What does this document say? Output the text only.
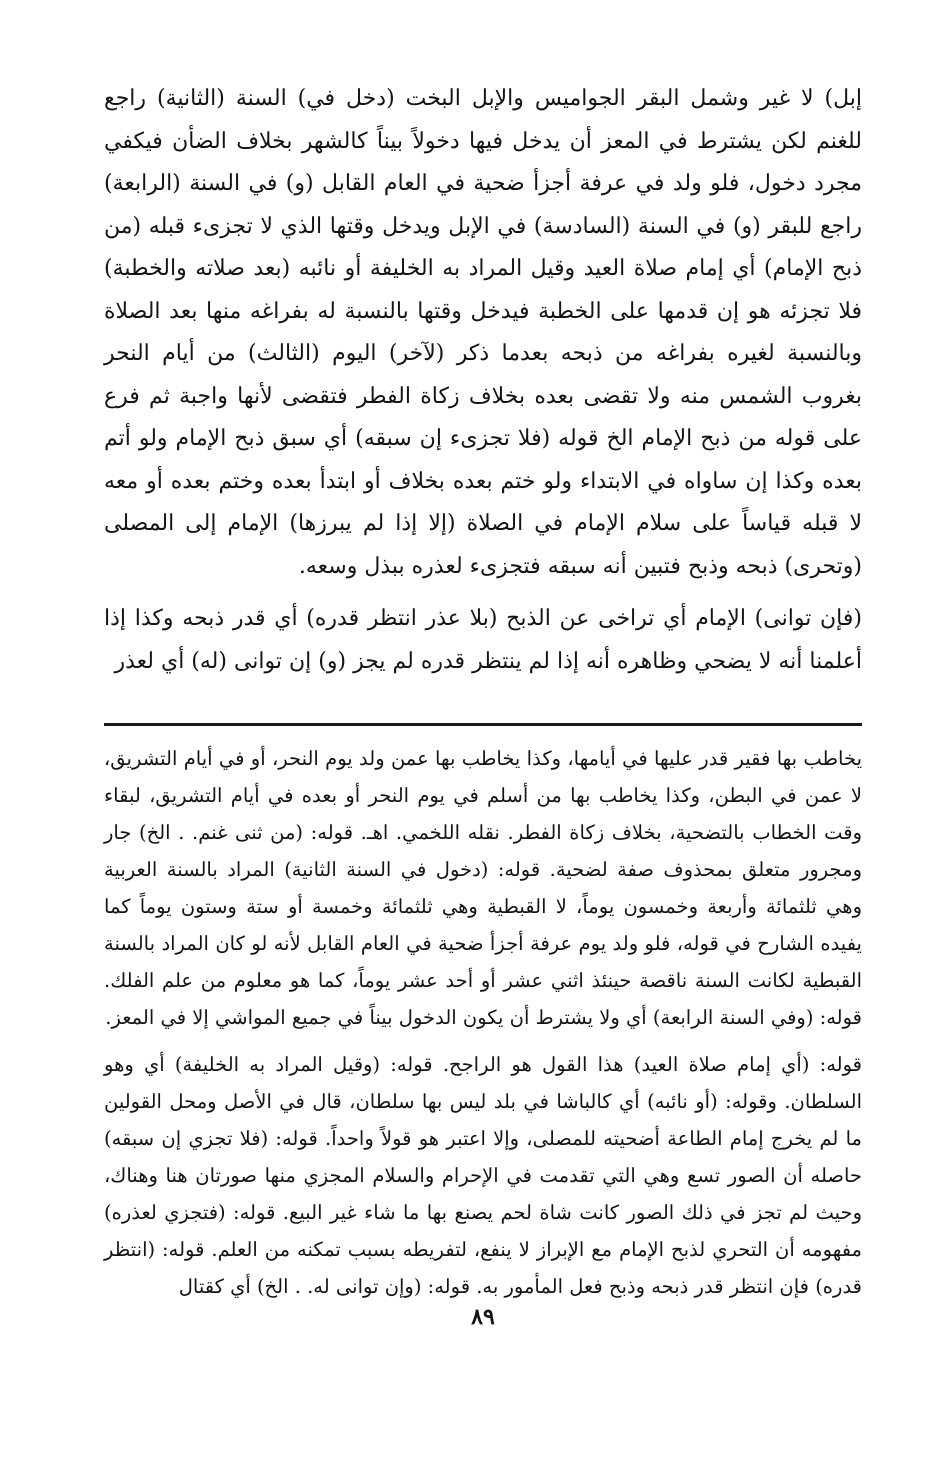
إبل) لا غير وشمل البقر الجواميس والإبل البخت (دخل في) السنة (الثانية) راجع للغنم لكن يشترط في المعز أن يدخل فيها دخولاً بيناً كالشهر بخلاف الضأن فيكفي مجرد دخول، فلو ولد في عرفة أجزأ ضحية في العام القابل (و) في السنة (الرابعة) راجع للبقر (و) في السنة (السادسة) في الإبل ويدخل وقتها الذي لا تجزىء قبله (من ذبح الإمام) أي إمام صلاة العيد وقيل المراد به الخليفة أو نائبه (بعد صلاته والخطبة) فلا تجزئه هو إن قدمها على الخطبة فيدخل وقتها بالنسبة له بفراغه منها بعد الصلاة وبالنسبة لغيره بفراغه من ذبحه بعدما ذكر (لآخر) اليوم (الثالث) من أيام النحر بغروب الشمس منه ولا تقضى بعده بخلاف زكاة الفطر فتقضى لأنها واجبة ثم فرع على قوله من ذبح الإمام الخ قوله (فلا تجزىء إن سبقه) أي سبق ذبح الإمام ولو أتم بعده وكذا إن ساواه في الابتداء ولو ختم بعده بخلاف أو ابتدأ بعده وختم بعده أو معه لا قبله قياساً على سلام الإمام في الصلاة (إلا إذا لم يبرزها) الإمام إلى المصلى (وتحرى) ذبحه وذبح فتبين أنه سبقه فتجزىء لعذره ببذل وسعه.

(فإن توانى) الإمام أي تراخى عن الذبح (بلا عذر انتظر قدره) أي قدر ذبحه وكذا إذا أعلمنا أنه لا يضحي وظاهره أنه إذا لم ينتظر قدره لم يجز (و) إن توانى (له) أي لعذر

يخاطب بها فقير قدر عليها في أيامها، وكذا يخاطب بها عمن ولد يوم النحر، أو في أيام التشريق، لا عمن في البطن، وكذا يخاطب بها من أسلم في يوم النحر أو بعده في أيام التشريق، لبقاء وقت الخطاب بالتضحية، بخلاف زكاة الفطر. نقله اللخمي. اهـ. قوله: (من ثنى غنم. . الخ) جار ومجرور متعلق بمحذوف صفة لضحية. قوله: (دخول في السنة الثانية) المراد بالسنة العربية وهي ثلثمائة وأربعة وخمسون يوماً، لا القبطية وهي ثلثمائة وخمسة أو ستة وستون يوماً كما يفيده الشارح في قوله، فلو ولد يوم عرفة أجزأ ضحية في العام القابل لأنه لو كان المراد بالسنة القبطية لكانت السنة ناقصة حينئذ اثني عشر أو أحد عشر يوماً، كما هو معلوم من علم الفلك. قوله: (وفي السنة الرابعة) أي ولا يشترط أن يكون الدخول بيناً في جميع المواشي إلا في المعز.

قوله: (أي إمام صلاة العيد) هذا القول هو الراجح. قوله: (وقيل المراد به الخليفة) أي وهو السلطان. وقوله: (أو نائبه) أي كالباشا في بلد ليس بها سلطان، قال في الأصل ومحل القولين ما لم يخرج إمام الطاعة أضحيته للمصلى، وإلا اعتبر هو قولاً واحداً. قوله: (فلا تجزي إن سبقه) حاصله أن الصور تسع وهي التي تقدمت في الإحرام والسلام المجزي منها صورتان هنا وهناك، وحيث لم تجز في ذلك الصور كانت شاة لحم يصنع بها ما شاء غير البيع. قوله: (فتجزي لعذره) مفهومه أن التحري لذبح الإمام مع الإبراز لا ينفع، لتفريطه بسبب تمكنه من العلم. قوله: (انتظر قدره) فإن انتظر قدر ذبحه وذبح فعل المأمور به. قوله: (وإن توانى له. . الخ) أي كقتال

٨٩
